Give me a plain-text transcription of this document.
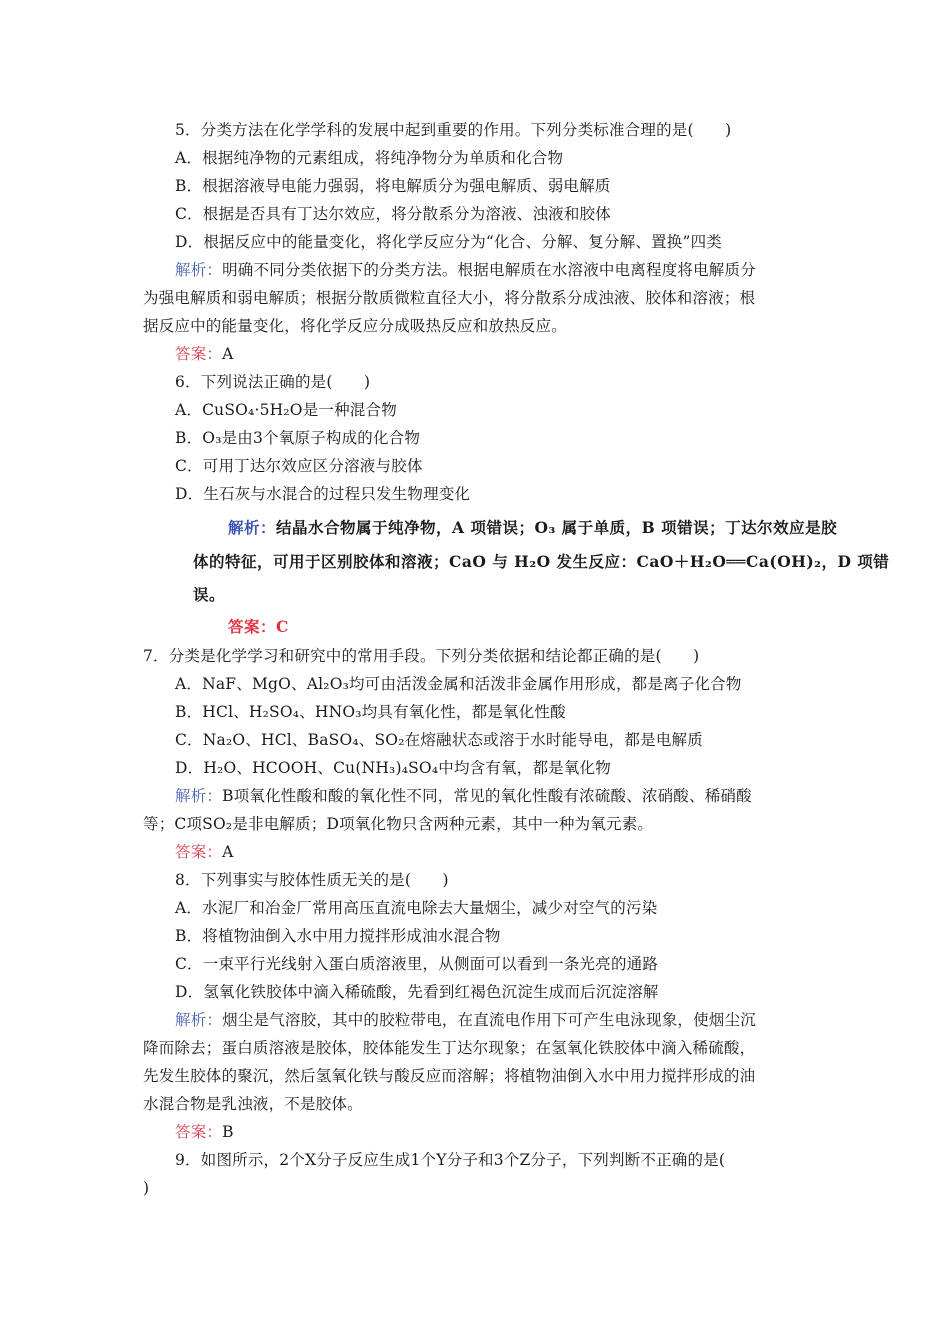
5．分类方法在化学学科的发展中起到重要的作用。下列分类标准合理的是(　　)
A．根据纯净物的元素组成，将纯净物分为单质和化合物
B．根据溶液导电能力强弱，将电解质分为强电解质、弱电解质
C．根据是否具有丁达尔效应，将分散系分为溶液、浊液和胶体
D．根据反应中的能量变化，将化学反应分为“化合、分解、复分解、置换”四类
解析：明确不同分类依据下的分类方法。根据电解质在水溶液中电离程度将电解质分
为强电解质和弱电解质；根据分散质微粒直径大小，将分散系分成浊液、胶体和溶液；根
据反应中的能量变化，将化学反应分成吸热反应和放热反应。
答案：A
6．下列说法正确的是(　　)
A．CuSO₄·5H₂O是一种混合物
B．O₃是由3个氧原子构成的化合物
C．可用丁达尔效应区分溶液与胶体
D．生石灰与水混合的过程只发生物理变化
解析：结晶水合物属于纯净物，A 项错误；O₃ 属于单质，B 项错误；丁达尔效应是胶
体的特征，可用于区别胶体和溶液；CaO 与 H₂O 发生反应：CaO＋H₂O══Ca(OH)₂，D 项错
误。
答案：C
7．分类是化学学习和研究中的常用手段。下列分类依据和结论都正确的是(　　)
A．NaF、MgO、Al₂O₃均可由活泼金属和活泼非金属作用形成，都是离子化合物
B．HCl、H₂SO₄、HNO₃均具有氧化性，都是氧化性酸
C．Na₂O、HCl、BaSO₄、SO₂在熔融状态或溶于水时能导电，都是电解质
D．H₂O、HCOOH、Cu(NH₃)₄SO₄中均含有氧，都是氧化物
解析：B项氧化性酸和酸的氧化性不同，常见的氧化性酸有浓硫酸、浓硝酸、稀硝酸
等；C项SO₂是非电解质；D项氧化物只含两种元素，其中一种为氧元素。
答案：A
8．下列事实与胶体性质无关的是(　　)
A．水泥厂和冶金厂常用高压直流电除去大量烟尘，减少对空气的污染
B．将植物油倒入水中用力搅拌形成油水混合物
C．一束平行光线射入蛋白质溶液里，从侧面可以看到一条光亮的通路
D．氢氧化铁胶体中滴入稀硫酸，先看到红褐色沉淀生成而后沉淀溶解
解析：烟尘是气溶胶，其中的胶粒带电，在直流电作用下可产生电泳现象，使烟尘沉
降而除去；蛋白质溶液是胶体，胶体能发生丁达尔现象；在氢氧化铁胶体中滴入稀硫酸，
先发生胶体的聚沉，然后氢氧化铁与酸反应而溶解；将植物油倒入水中用力搅拌形成的油
水混合物是乳浊液，不是胶体。
答案：B
9．如图所示，2个X分子反应生成1个Y分子和3个Z分子，下列判断不正确的是(
)
